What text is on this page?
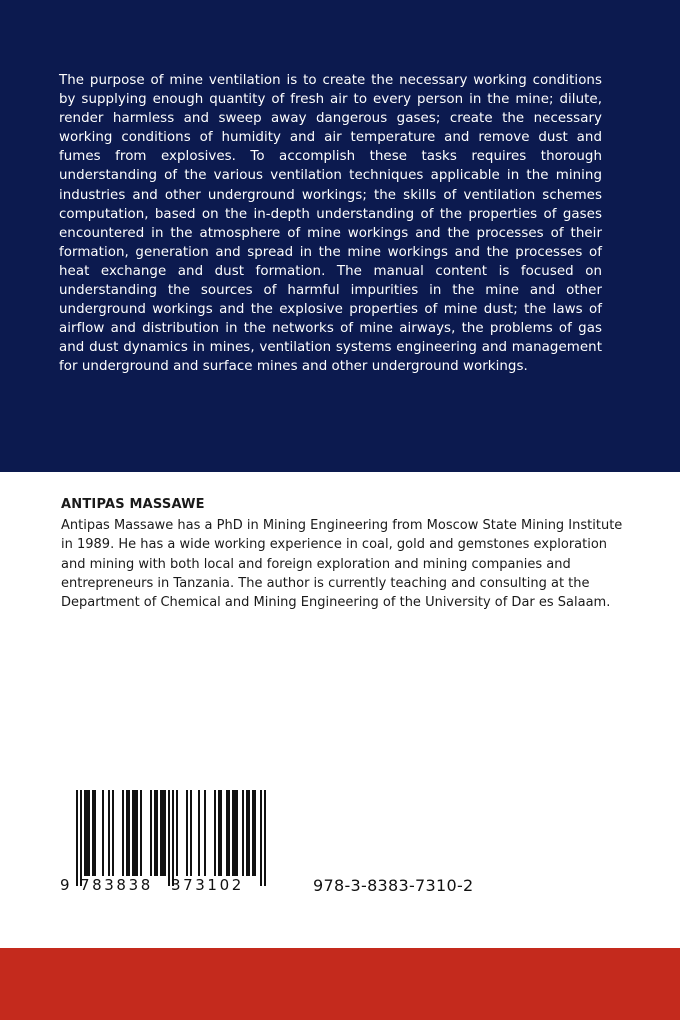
The purpose of mine ventilation is to create the necessary working conditions by supplying enough quantity of fresh air to every person in the mine; dilute, render harmless and sweep away dangerous gases; create the necessary working conditions of humidity and air temperature and remove dust and fumes from explosives. To accomplish these tasks requires thorough understanding of the various ventilation techniques applicable in the mining industries and other underground workings; the skills of ventilation schemes computation, based on the in-depth understanding of the properties of gases encountered in the atmosphere of mine workings and the processes of their formation, generation and spread in the mine workings and the processes of heat exchange and dust formation. The manual content is focused on understanding the sources of harmful impurities in the mine and other underground workings and the explosive properties of mine dust; the laws of airflow and distribution in the networks of mine airways, the problems of gas and dust dynamics in mines, ventilation systems engineering and management for underground and surface mines and other underground workings.

ANTIPAS MASSAWE

Antipas Massawe has a PhD in Mining Engineering from Moscow State Mining Institute in 1989. He has a wide working experience in coal, gold and gemstones exploration and mining with both local and foreign exploration and mining companies and entrepreneurs in Tanzania. The author is currently teaching and consulting at the Department of Chemical and Mining Engineering of the University of Dar es Salaam.

9 783838 373102	978-3-8383-7310-2
